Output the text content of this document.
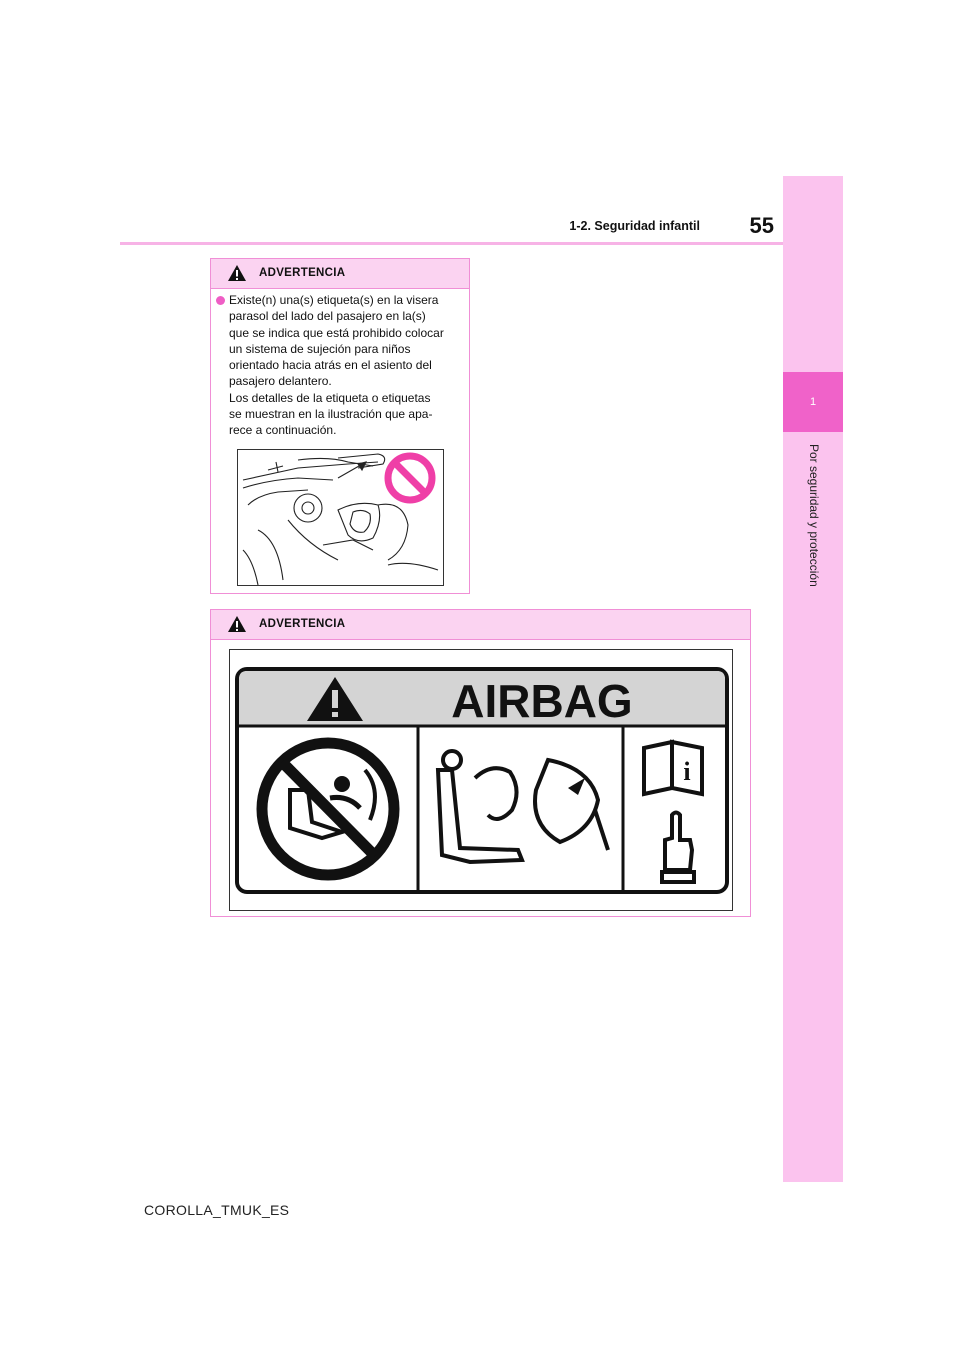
1
Por seguridad y protección
55
1-2. Seguridad infantil
ADVERTENCIA
Existe(n) una(s) etiqueta(s) en la visera
parasol del lado del pasajero en la(s)
que se indica que está prohibido colocar
un sistema de sujeción para niños
orientado hacia atrás en el asiento del
pasajero delantero.
Los detalles de la etiqueta o etiquetas
se muestran en la ilustración que apa-
rece a continuación.
ADVERTENCIA
AIRBAG
i
COROLLA_TMUK_ES
